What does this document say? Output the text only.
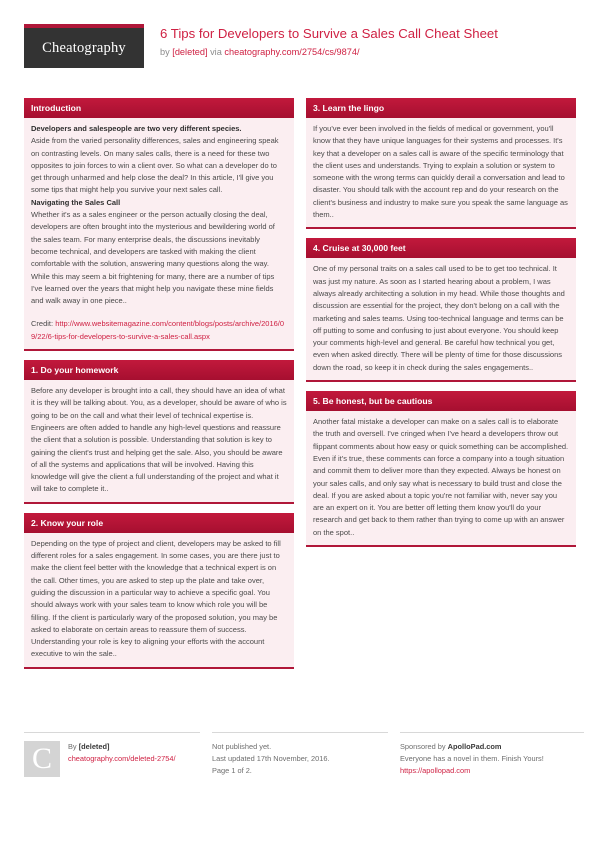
Cheatography
6 Tips for Developers to Survive a Sales Call Cheat Sheet
by [deleted] via cheatography.com/2754/cs/9874/
Introduction

Developers and salespeople are two very different species.

Aside from the varied personality differences, sales and engineering speak on contrasting levels. On many sales calls, there is a need for these two opposites to join forces to win a client over. So what can a developer do to get through unharmed and help close the deal? In this article, I'll give you some tips that might help you survive your next sales call.

Navigating the Sales Call

Whether it's as a sales engineer or the person actually closing the deal, developers are often brought into the mysterious and bewildering world of the sales team. For many enterprise deals, the discussions inevitably become technical, and developers are tasked with making the client comfortable with the solution, answering many questions along the way. While this may seem a bit frightening for many, there are a number of tips I've learned over the years that might help you navigate these mine fields and walk away in one piece..

Credit: http://www.websitemagazine.com/content/blogs/posts/archive/2016/09/22/6-tips-for-developers-to-survive-a-sales-call.aspx
1. Do your homework

Before any developer is brought into a call, they should have an idea of what it is they will be talking about. You, as a developer, should be aware of who is going to be on the call and what their level of technical expertise is. Engineers are often added to handle any high-level questions and reassure the client that a solution is possible. Understanding that solution is key to gaining the client's trust and helping get the sale. Also, you should be aware of all the systems and applications that will be involved. Having this knowledge will give the client a full understanding of the project and what it will take to complete it..

2. Know your role

Depending on the type of project and client, developers may be asked to fill different roles for a sales engagement. In some cases, you are there just to make the client feel better with the knowledge that a technical expert is on the call. Other times, you are asked to step up the plate and take over, guiding the discussion in a particular way to achieve a specific goal. You should always work with your sales team to know which role you will be filling. If the client is particularly wary of the proposed solution, you may be asked to elaborate on certain areas to reassure them of success. Understanding your role is key to aligning your efforts with the account executive to win the sale..

3. Learn the lingo

If you've ever been involved in the fields of medical or government, you'll know that they have unique languages for their systems and processes. It's key that a developer on a sales call is aware of the specific terminology that the client uses and understands. Trying to explain a solution or system to someone with the wrong terms can quickly derail a conversation and lead to disaster. You should talk with the account rep and do your research on the client's business and industry to make sure you speak the same language as them..

4. Cruise at 30,000 feet

One of my personal traits on a sales call used to be to get too technical. It was just my nature. As soon as I started hearing about a problem, I was always already architecting a solution in my head. While those thoughts and discussion are essential for the project, they don't belong on a call with the marketing and sales teams. Using too-technical language and terms can be off putting to some and confusing to just about everyone. You should keep your comments high-level and general. Be careful how technical you get, even when asked directly. There will be plenty of time for those discussions down the road, so keep it in check during the sales engagements..

5. Be honest, but be cautious

Another fatal mistake a developer can make on a sales call is to elaborate the truth and oversell. I've cringed when I've heard a developers throw out flippant comments about how easy or quick something can be accomplished. Even if it's true, these comments can force a company into a tough situation and commit them to deliver more than they expected. Always be honest on your sales calls, and only say what is necessary to build trust and close the deal. If you are asked about a topic you're not familiar with, never say you are an expert on it. You are better off letting them know you'll do your research and get back to them rather than trying to come up with an answer on the spot..

C	By [deleted]
cheatography.com/deleted-2754/
Not published yet.
Last updated 17th November, 2016.
Page 1 of 2.
Sponsored by ApolloPad.com
Everyone has a novel in them. Finish Yours!
https://apollopad.com
